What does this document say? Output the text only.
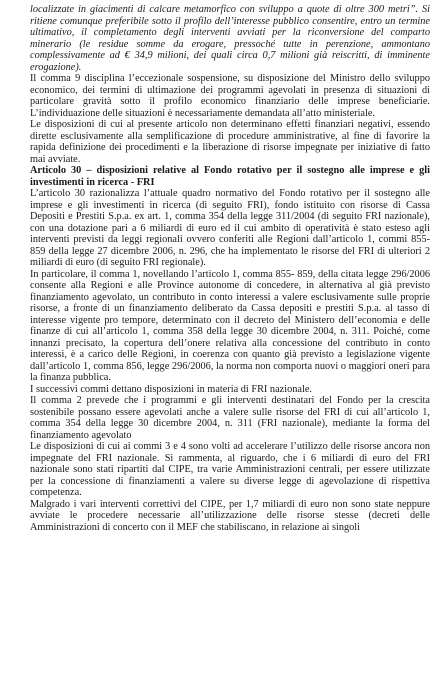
localizzate in giacimenti di calcare metamorfico con sviluppo a quote di oltre 300 metri”. Si ritiene comunque preferibile sotto il profilo dell’interesse pubblico consentire, entro un termine ultimativo, il completamento degli interventi avviati per la riconversione del comparto minerario (le residue somme da erogare, pressoché tutte in perenzione, ammontano complessivamente ad € 34,9 milioni, dei quali circa 0,7 milioni già reiscritti, di imminente erogazione).

Il comma 9 disciplina l’eccezionale sospensione, su disposizione del Ministro dello sviluppo economico, dei termini di ultimazione dei programmi agevolati in presenza di situazioni di particolare gravità sotto il profilo economico finanziario delle imprese beneficiarie. L’individuazione delle situazioni è necessariamente demandata all’atto ministeriale.

Le disposizioni di cui al presente articolo non determinano effetti finanziari negativi, essendo dirette esclusivamente alla semplificazione di procedure amministrative, al fine di favorire la rapida definizione dei procedimenti e la liberazione di risorse impegnate per iniziative di fatto mai avviate.

Articolo 30 – disposizioni relative al Fondo rotativo per il sostegno alle imprese e gli investimenti in ricerca - FRI

L’articolo 30 razionalizza l’attuale quadro normativo del Fondo rotativo per il sostegno alle imprese e gli investimenti in ricerca (di seguito FRI), fondo istituito con risorse di Cassa Depositi e Prestiti S.p.a. ex art. 1, comma 354 della legge 311/2004 (di seguito FRI nazionale), con una dotazione pari a 6 miliardi di euro ed il cui ambito di operatività è stato esteso agli interventi previsti da leggi regionali ovvero conferiti alle Regioni dall’articolo 1, commi 855-859 della legge 27 dicembre 2006, n. 296, che ha implementato le risorse del FRI di ulteriori 2 miliardi di euro (di seguito FRI regionale).

In particolare, il comma 1, novellando l’articolo 1, comma 855- 859, della citata legge 296/2006 consente alla Regioni e alle Province autonome di concedere, in alternativa al già previsto finanziamento agevolato, un contributo in conto interessi a valere esclusivamente sulle proprie risorse, a fronte di un finanziamento deliberato da Cassa depositi e prestiti S.p.a. al tasso di interesse vigente pro tempore, determinato con il decreto del Ministero dell’economia e delle finanze di cui all’articolo 1, comma 358 della legge 30 dicembre 2004, n. 311. Poiché, come innanzi precisato, la copertura dell’onere relativa alla concessione del contributo in conto interessi, è a carico delle Regioni, in coerenza con quanto già previsto a legislazione vigente dall’articolo 1, comma 856, legge 296/2006, la norma non comporta nuovi o maggiori oneri para la finanza pubblica.

I successivi commi dettano disposizioni in materia di FRI nazionale.

Il comma 2 prevede che i programmi e gli interventi destinatari del Fondo per la crescita sostenibile possano essere agevolati anche a valere sulle risorse del FRI di cui all’articolo 1, comma 354 della legge 30 dicembre 2004, n. 311 (FRI nazionale), mediante la forma del finanziamento agevolato

Le disposizioni di cui ai commi 3 e 4 sono volti ad accelerare l’utilizzo delle risorse ancora non impegnate del FRI nazionale. Si rammenta, al riguardo, che i 6 miliardi di euro del FRI nazionale sono stati ripartiti dal CIPE, tra varie Amministrazioni centrali, per essere utilizzate per la concessione di finanziamenti a valere su diverse legge di agevolazione di rispettiva competenza.

Malgrado i vari interventi correttivi del CIPE, per 1,7 miliardi di euro non sono state neppure avviate le procedere necessarie all’utilizzazione delle risorse stesse (decreti delle Amministrazioni di concerto con il MEF che stabiliscano, in relazione ai singoli
